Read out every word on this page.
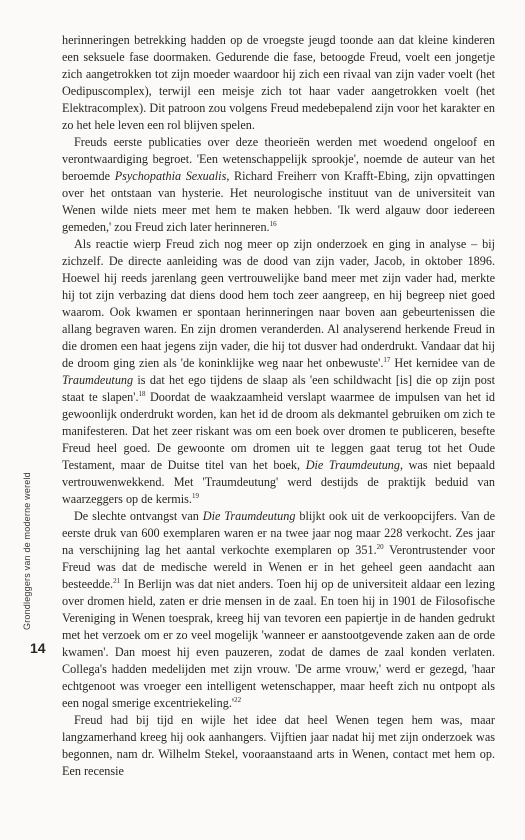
Grondleggers van de moderne wereld
14
herinneringen betrekking hadden op de vroegste jeugd toonde aan dat kleine kinderen een seksuele fase doormaken. Gedurende die fase, betoogde Freud, voelt een jongetje zich aangetrokken tot zijn moeder waardoor hij zich een rivaal van zijn vader voelt (het Oedipuscomplex), terwijl een meisje zich tot haar vader aangetrokken voelt (het Elektracomplex). Dit patroon zou volgens Freud medebepalend zijn voor het karakter en zo het hele leven een rol blijven spelen.
Freuds eerste publicaties over deze theorieën werden met woedend ongeloof en verontwaardiging begroet. 'Een wetenschappelijk sprookje', noemde de auteur van het beroemde Psychopathia Sexualis, Richard Freiherr von Krafft-Ebing, zijn opvattingen over het ontstaan van hysterie. Het neurologische instituut van de universiteit van Wenen wilde niets meer met hem te maken hebben. 'Ik werd algauw door iedereen gemeden,' zou Freud zich later herinneren.$^{16}$
Als reactie wierp Freud zich nog meer op zijn onderzoek en ging in analyse – bij zichzelf. De directe aanleiding was de dood van zijn vader, Jacob, in oktober 1896. Hoewel hij reeds jarenlang geen vertrouwelijke band meer met zijn vader had, merkte hij tot zijn verbazing dat diens dood hem toch zeer aangreep, en hij begreep niet goed waarom. Ook kwamen er spontaan herinneringen naar boven aan gebeurtenissen die allang begraven waren. En zijn dromen veranderden. Al analyserend herkende Freud in die dromen een haat jegens zijn vader, die hij tot dusver had onderdrukt. Vandaar dat hij de droom ging zien als 'de koninklijke weg naar het onbewuste'.$^{17}$ Het kernidee van de Traumdeutung is dat het ego tijdens de slaap als 'een schildwacht [is] die op zijn post staat te slapen'.$^{18}$ Doordat de waakzaamheid verslapt waarmee de impulsen van het id gewoonlijk onderdrukt worden, kan het id de droom als dekmantel gebruiken om zich te manifesteren. Dat het zeer riskant was om een boek over dromen te publiceren, besefte Freud heel goed. De gewoonte om dromen uit te leggen gaat terug tot het Oude Testament, maar de Duitse titel van het boek, Die Traumdeutung, was niet bepaald vertrouwenwekkend. Met 'Traumdeutung' werd destijds de praktijk beduid van waarzeggers op de kermis.$^{19}$
De slechte ontvangst van Die Traumdeutung blijkt ook uit de verkoopcijfers. Van de eerste druk van 600 exemplaren waren er na twee jaar nog maar 228 verkocht. Zes jaar na verschijning lag het aantal verkochte exemplaren op 351.20 Verontrustender voor Freud was dat de medische wereld in Wenen er in het geheel geen aandacht aan besteedde.$^{21}$ In Berlijn was dat niet anders. Toen hij op de universiteit aldaar een lezing over dromen hield, zaten er drie mensen in de zaal. En toen hij in 1901 de Filosofische Vereniging in Wenen toesprak, kreeg hij van tevoren een papiertje in de handen gedrukt met het verzoek om er zo veel mogelijk 'wanneer er aanstootgevende zaken aan de orde kwamen'. Dan moest hij even pauzeren, zodat de dames de zaal konden verlaten. Collega's hadden medelijden met zijn vrouw. 'De arme vrouw,' werd er gezegd, 'haar echtgenoot was vroeger een intelligent wetenschapper, maar heeft zich nu ontpopt als een nogal smerige $excentriekeling.'^{22}$
Freud had bij tijd en wijle het idee dat heel Wenen tegen hem was, maar langzamerhand kreeg hij ook aanhangers. Vijftien jaar nadat hij met zijn onderzoek was begonnen, nam dr. Wilhelm Stekel, vooraanstaand arts in Wenen, contact met hem op. Een recensie
